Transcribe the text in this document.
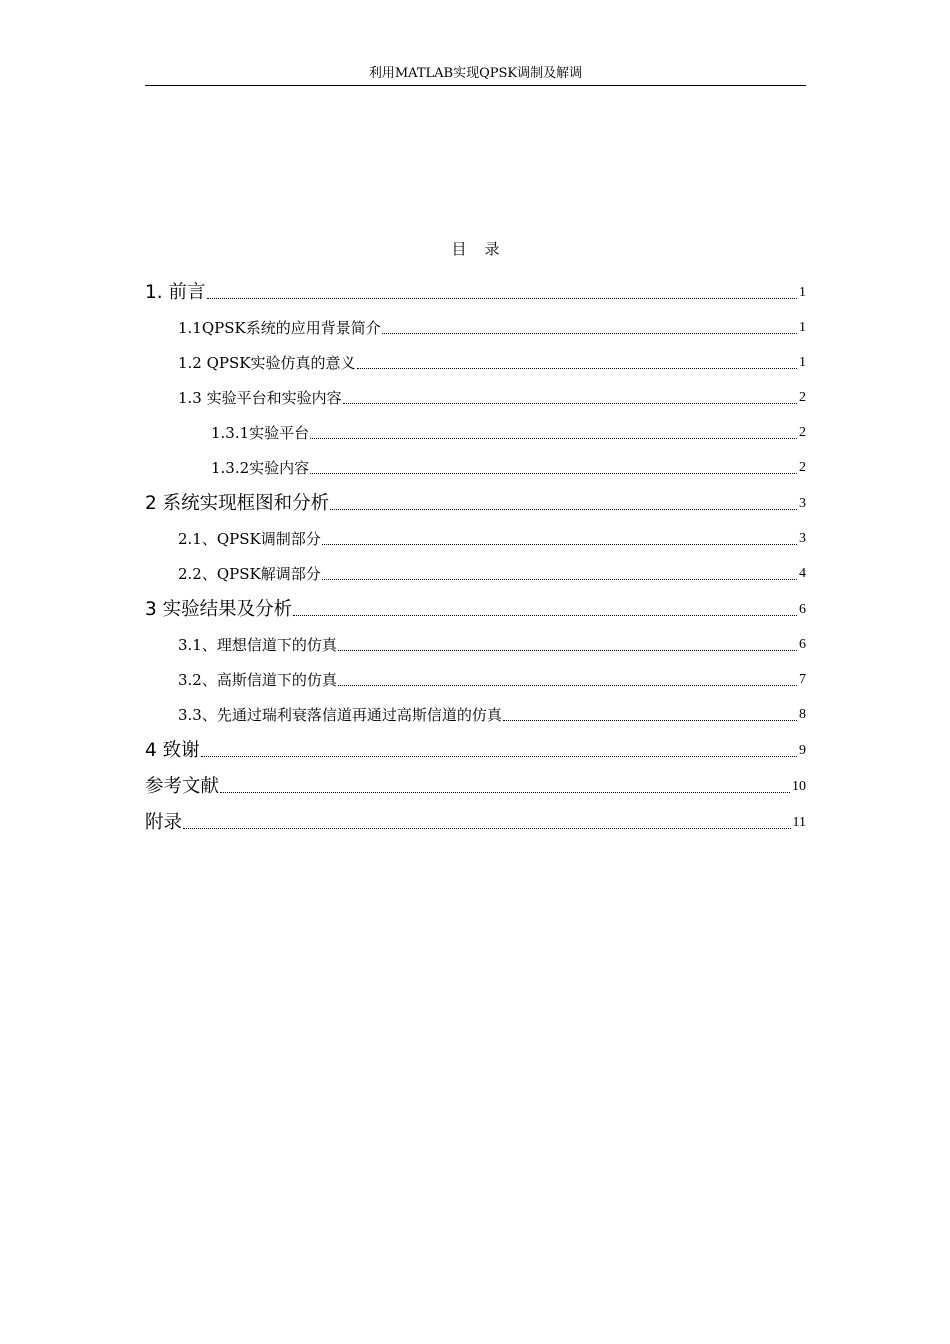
利用MATLAB实现QPSK调制及解调
目 录
1. 前言	1
1.1QPSK系统的应用背景简介	1
1.2 QPSK实验仿真的意义	1
1.3 实验平台和实验内容	2
1.3.1实验平台	2
1.3.2实验内容	2
2 系统实现框图和分析	3
2.1、QPSK调制部分	3
2.2、QPSK解调部分	4
3 实验结果及分析	6
3.1、理想信道下的仿真	6
3.2、高斯信道下的仿真	7
3.3、先通过瑞利衰落信道再通过高斯信道的仿真	8
4 致谢	9
参考文献	10
附录	11
